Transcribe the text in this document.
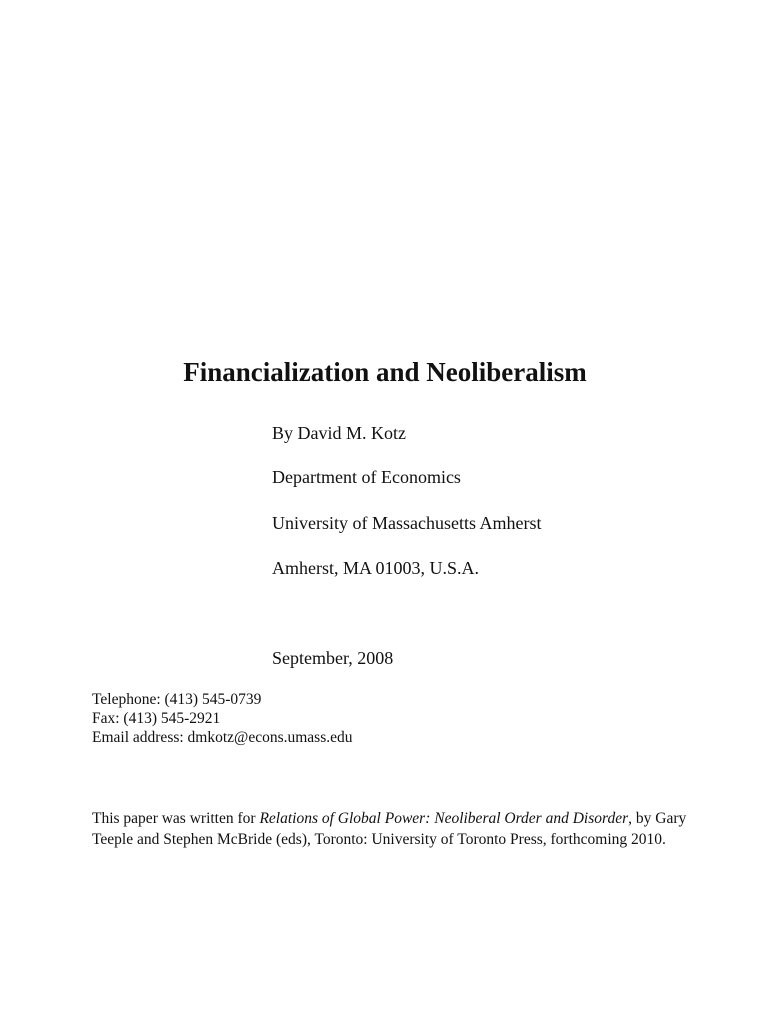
Financialization and Neoliberalism
By David M. Kotz
Department of Economics
University of Massachusetts Amherst
Amherst, MA 01003, U.S.A.
September, 2008
Telephone: (413) 545-0739
Fax: (413) 545-2921
Email address: dmkotz@econs.umass.edu

This paper was written for Relations of Global Power: Neoliberal Order and Disorder, by Gary Teeple and Stephen McBride (eds), Toronto: University of Toronto Press, forthcoming 2010.
